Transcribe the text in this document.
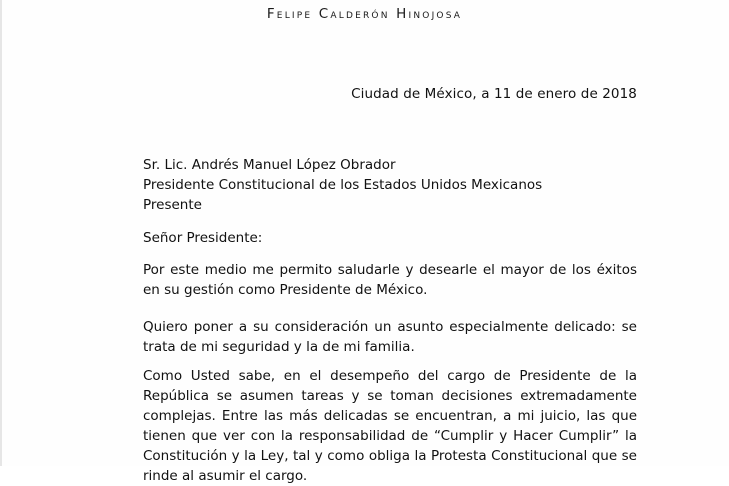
Felipe Calderón Hinojosa
Ciudad de México, a 11 de enero de 2018
Sr. Lic. Andrés Manuel López Obrador
Presidente Constitucional de los Estados Unidos Mexicanos
Presente
Señor Presidente:
Por este medio me permito saludarle y desearle el mayor de los éxitos en su gestión como Presidente de México.
Quiero poner a su consideración un asunto especialmente delicado: se trata de mi seguridad y la de mi familia.
Como Usted sabe, en el desempeño del cargo de Presidente de la República se asumen tareas y se toman decisiones extremadamente complejas. Entre las más delicadas se encuentran, a mi juicio, las que tienen que ver con la responsabilidad de “Cumplir y Hacer Cumplir” la Constitución y la Ley, tal y como obliga la Protesta Constitucional que se rinde al asumir el cargo.
